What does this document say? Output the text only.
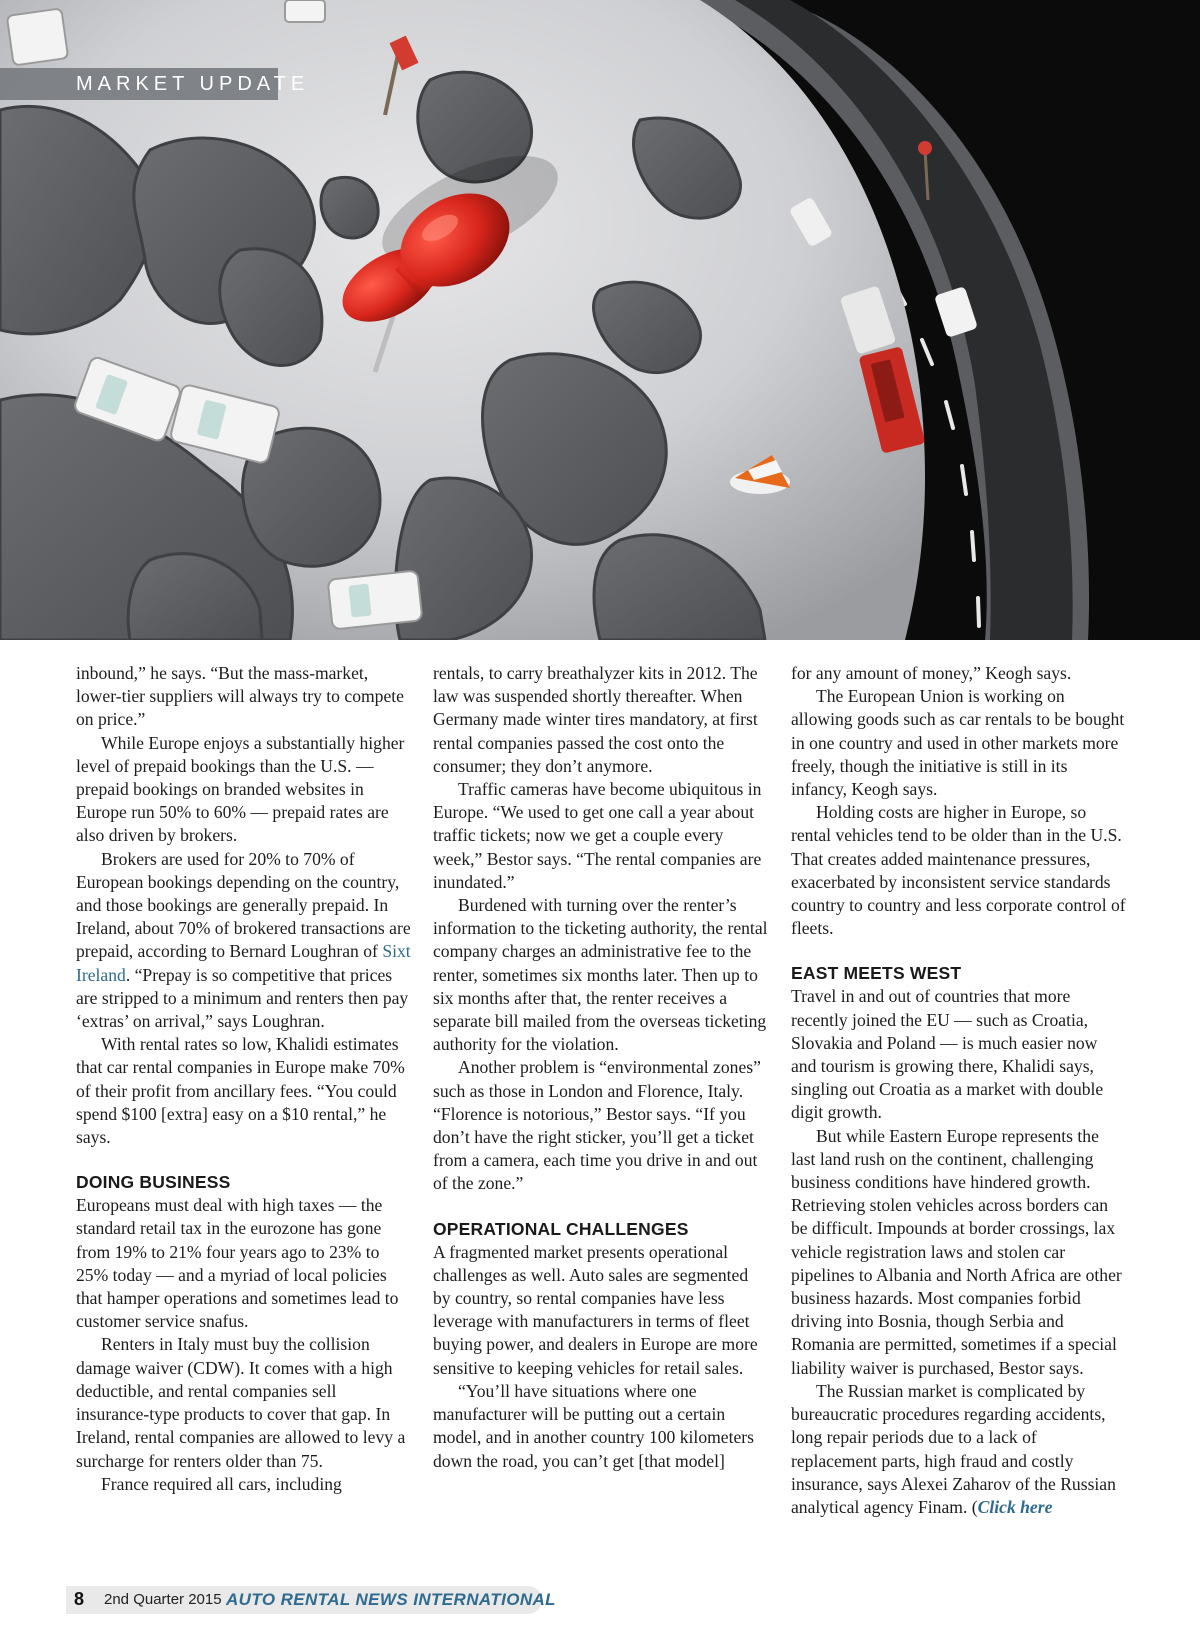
MARKET UPDATE

inbound,” he says. “But the mass-market, lower-tier suppliers will always try to compete on price.”

While Europe enjoys a substantially higher level of prepaid bookings than the U.S. — prepaid bookings on branded websites in Europe run 50% to 60% — prepaid rates are also driven by brokers.

Brokers are used for 20% to 70% of European bookings depending on the country, and those bookings are generally prepaid. In Ireland, about 70% of brokered transactions are prepaid, according to Bernard Loughran of Sixt Ireland. “Prepay is so competitive that prices are stripped to a minimum and renters then pay ‘extras’ on arrival,” says Loughran.

With rental rates so low, Khalidi estimates that car rental companies in Europe make 70% of their profit from ancillary fees. “You could spend $100 [extra] easy on a $10 rental,” he says.

DOING BUSINESS

Europeans must deal with high taxes — the standard retail tax in the eurozone has gone from 19% to 21% four years ago to 23% to 25% today — and a myriad of local policies that hamper operations and sometimes lead to customer service snafus.

Renters in Italy must buy the collision damage waiver (CDW). It comes with a high deductible, and rental companies sell insurance-type products to cover that gap. In Ireland, rental companies are allowed to levy a surcharge for renters older than 75.

France required all cars, including

rentals, to carry breathalyzer kits in 2012. The law was suspended shortly thereafter. When Germany made winter tires mandatory, at first rental companies passed the cost onto the consumer; they don’t anymore.

Traffic cameras have become ubiquitous in Europe. “We used to get one call a year about traffic tickets; now we get a couple every week,” Bestor says. “The rental companies are inundated.”

Burdened with turning over the renter’s information to the ticketing authority, the rental company charges an administrative fee to the renter, sometimes six months later. Then up to six months after that, the renter receives a separate bill mailed from the overseas ticketing authority for the violation.

Another problem is “environmental zones” such as those in London and Florence, Italy. “Florence is notorious,” Bestor says. “If you don’t have the right sticker, you’ll get a ticket from a camera, each time you drive in and out of the zone.”

OPERATIONAL CHALLENGES

A fragmented market presents operational challenges as well. Auto sales are segmented by country, so rental companies have less leverage with manufacturers in terms of fleet buying power, and dealers in Europe are more sensitive to keeping vehicles for retail sales.

“You’ll have situations where one manufacturer will be putting out a certain model, and in another country 100 kilometers down the road, you can’t get [that model]

for any amount of money,” Keogh says.

The European Union is working on allowing goods such as car rentals to be bought in one country and used in other markets more freely, though the initiative is still in its infancy, Keogh says.

Holding costs are higher in Europe, so rental vehicles tend to be older than in the U.S. That creates added maintenance pressures, exacerbated by inconsistent service standards country to country and less corporate control of fleets.

EAST MEETS WEST

Travel in and out of countries that more recently joined the EU — such as Croatia, Slovakia and Poland — is much easier now and tourism is growing there, Khalidi says, singling out Croatia as a market with double digit growth.

But while Eastern Europe represents the last land rush on the continent, challenging business conditions have hindered growth. Retrieving stolen vehicles across borders can be difficult. Impounds at border crossings, lax vehicle registration laws and stolen car pipelines to Albania and North Africa are other business hazards. Most companies forbid driving into Bosnia, though Serbia and Romania are permitted, sometimes if a special liability waiver is purchased, Bestor says.

The Russian market is complicated by bureaucratic procedures regarding accidents, long repair periods due to a lack of replacement parts, high fraud and costly insurance, says Alexei Zaharov of the Russian analytical agency Finam. (Click here

8 2nd Quarter 2015 AUTO RENTAL NEWS INTERNATIONAL
